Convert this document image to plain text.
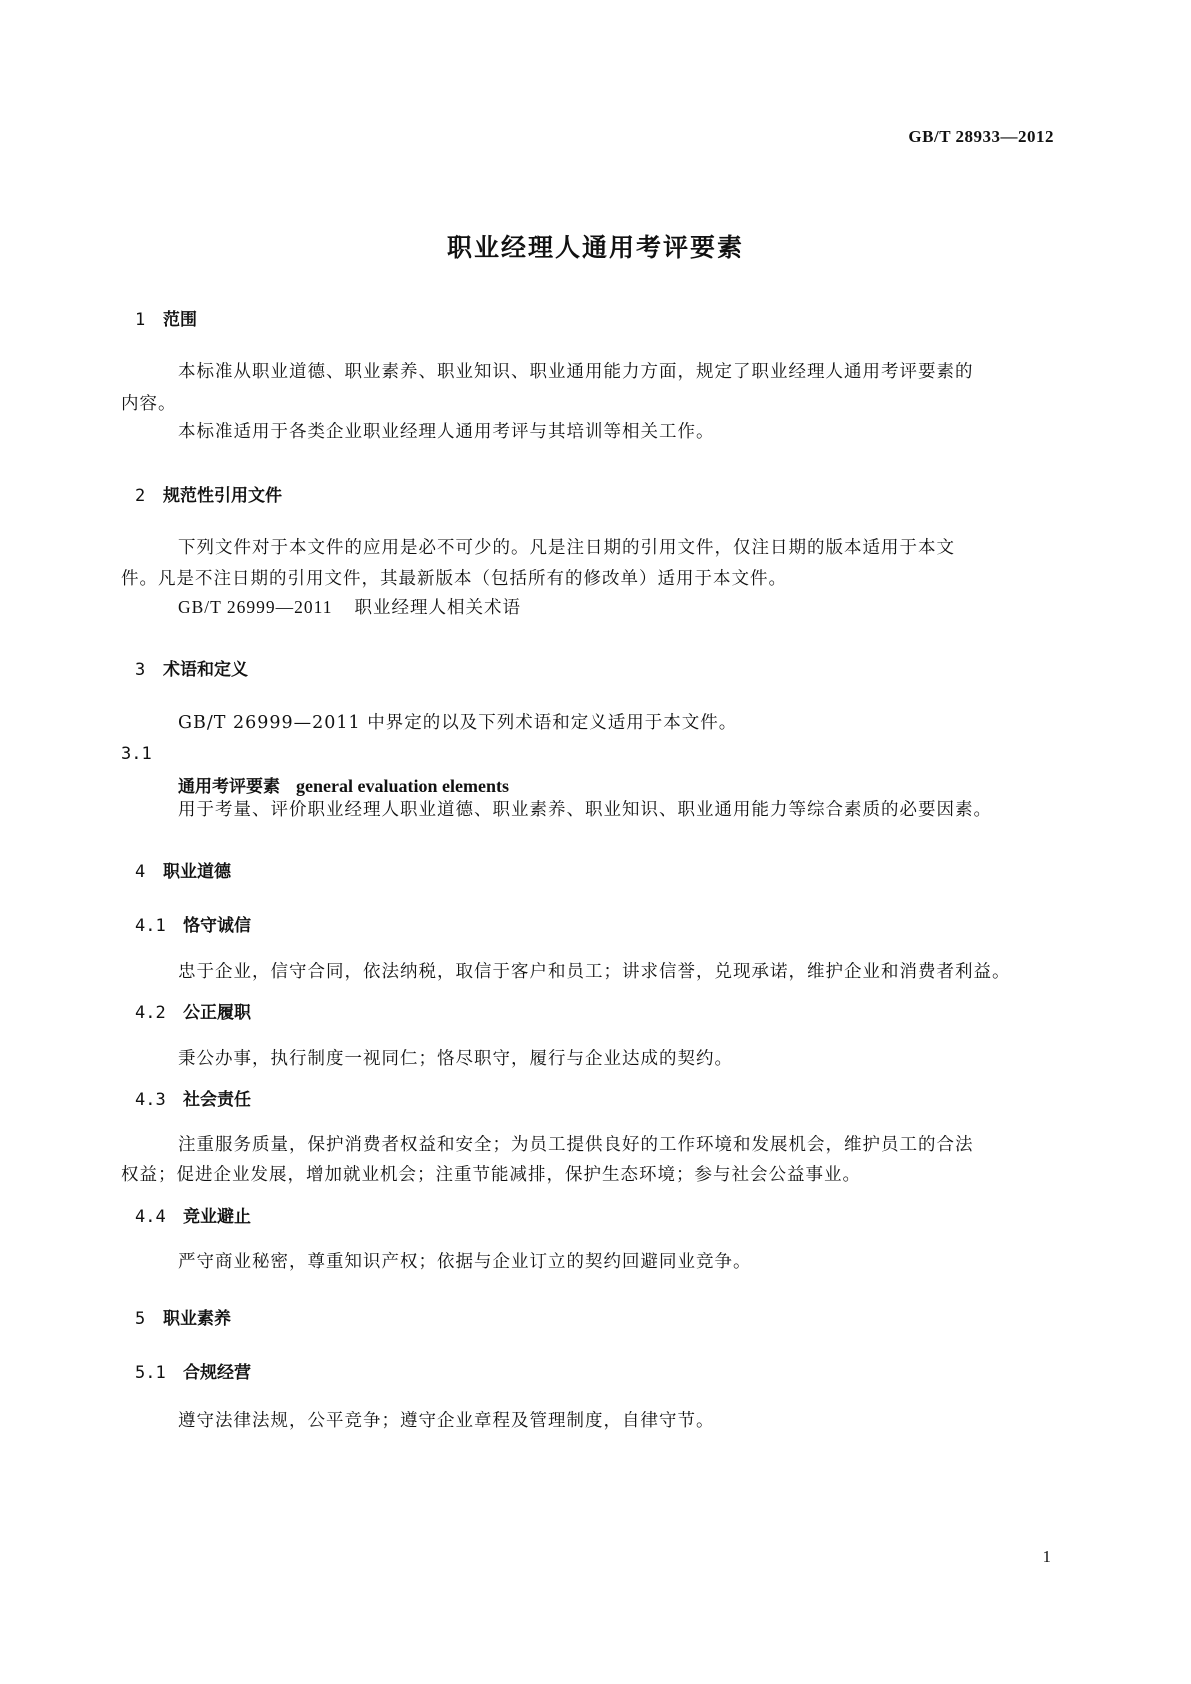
GB/T 28933—2012
职业经理人通用考评要素
1 范围
本标准从职业道德、职业素养、职业知识、职业通用能力方面，规定了职业经理人通用考评要素的
内容。
本标准适用于各类企业职业经理人通用考评与其培训等相关工作。
2 规范性引用文件
下列文件对于本文件的应用是必不可少的。凡是注日期的引用文件，仅注日期的版本适用于本文
件。凡是不注日期的引用文件，其最新版本（包括所有的修改单）适用于本文件。
GB/T 26999—2011 职业经理人相关术语
3 术语和定义
GB/T 26999—2011 中界定的以及下列术语和定义适用于本文件。
3.1
通用考评要素 general evaluation elements
用于考量、评价职业经理人职业道德、职业素养、职业知识、职业通用能力等综合素质的必要因素。
4 职业道德
4.1 恪守诚信
忠于企业，信守合同，依法纳税，取信于客户和员工；讲求信誉，兑现承诺，维护企业和消费者利益。
4.2 公正履职
秉公办事，执行制度一视同仁；恪尽职守，履行与企业达成的契约。
4.3 社会责任
注重服务质量，保护消费者权益和安全；为员工提供良好的工作环境和发展机会，维护员工的合法
权益；促进企业发展，增加就业机会；注重节能减排，保护生态环境；参与社会公益事业。
4.4 竞业避止
严守商业秘密，尊重知识产权；依据与企业订立的契约回避同业竞争。
5 职业素养
5.1 合规经营
遵守法律法规，公平竞争；遵守企业章程及管理制度，自律守节。
1
